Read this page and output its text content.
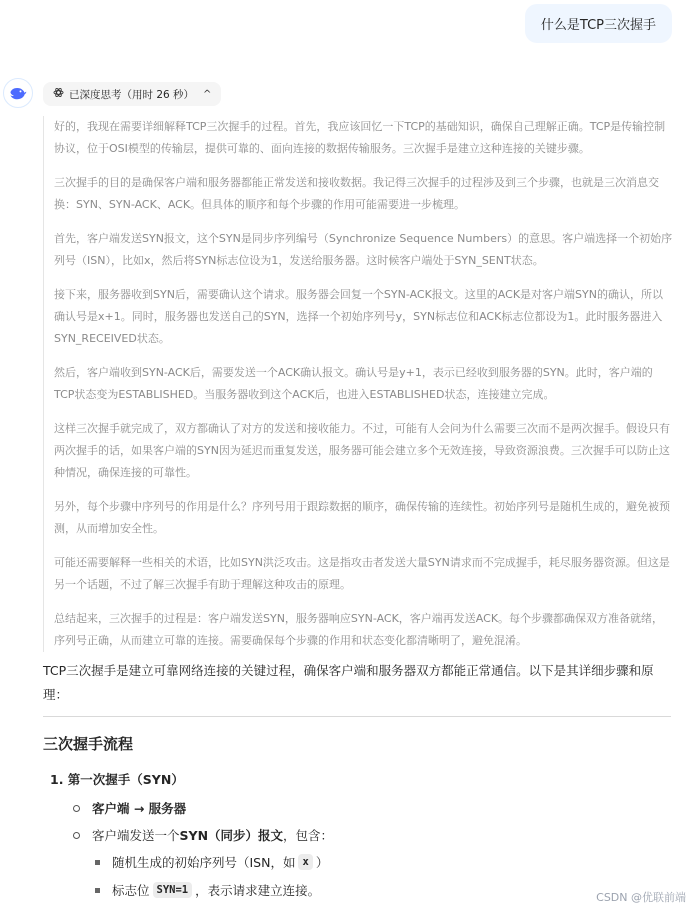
什么是TCP三次握手
已深度思考（用时 26 秒） ^

好的，我现在需要详细解释TCP三次握手的过程。首先，我应该回忆一下TCP的基础知识，确保自己理解正确。TCP是传输控制协议，位于OSI模型的传输层，提供可靠的、面向连接的数据传输服务。三次握手是建立这种连接的关键步骤。

三次握手的目的是确保客户端和服务器都能正常发送和接收数据。我记得三次握手的过程涉及到三个步骤，也就是三次消息交换：SYN、SYN-ACK、ACK。但具体的顺序和每个步骤的作用可能需要进一步梳理。

首先，客户端发送SYN报文，这个SYN是同步序列编号（Synchronize Sequence Numbers）的意思。客户端选择一个初始序列号（ISN），比如x，然后将SYN标志位设为1，发送给服务器。这时候客户端处于SYN_SENT状态。

接下来，服务器收到SYN后，需要确认这个请求。服务器会回复一个SYN-ACK报文。这里的ACK是对客户端SYN的确认，所以确认号是x+1。同时，服务器也发送自己的SYN，选择一个初始序列号y，SYN标志位和ACK标志位都设为1。此时服务器进入SYN_RECEIVED状态。

然后，客户端收到SYN-ACK后，需要发送一个ACK确认报文。确认号是y+1，表示已经收到服务器的SYN。此时，客户端的TCP状态变为ESTABLISHED。当服务器收到这个ACK后，也进入ESTABLISHED状态，连接建立完成。

这样三次握手就完成了，双方都确认了对方的发送和接收能力。不过，可能有人会问为什么需要三次而不是两次握手。假设只有两次握手的话，如果客户端的SYN因为延迟而重复发送，服务器可能会建立多个无效连接，导致资源浪费。三次握手可以防止这种情况，确保连接的可靠性。

另外，每个步骤中序列号的作用是什么？序列号用于跟踪数据的顺序，确保传输的连续性。初始序列号是随机生成的，避免被预测，从而增加安全性。

可能还需要解释一些相关的术语，比如SYN洪泛攻击。这是指攻击者发送大量SYN请求而不完成握手，耗尽服务器资源。但这是另一个话题，不过了解三次握手有助于理解这种攻击的原理。

总结起来，三次握手的过程是：客户端发送SYN，服务器响应SYN-ACK，客户端再发送ACK。每个步骤都确保双方准备就绪，序列号正确，从而建立可靠的连接。需要确保每个步骤的作用和状态变化都清晰明了，避免混淆。

TCP三次握手是建立可靠网络连接的关键过程，确保客户端和服务器双方都能正常通信。以下是其详细步骤和原理：

三次握手流程
1. 第一次握手（SYN）
客户端 → 服务器
客户端发送一个 SYN（同步）报文 ，包含：
随机生成的初始序列号（ISN，如 x ）
标志位 SYN=1 ，表示请求建立连接。	CSDN @优联前端
